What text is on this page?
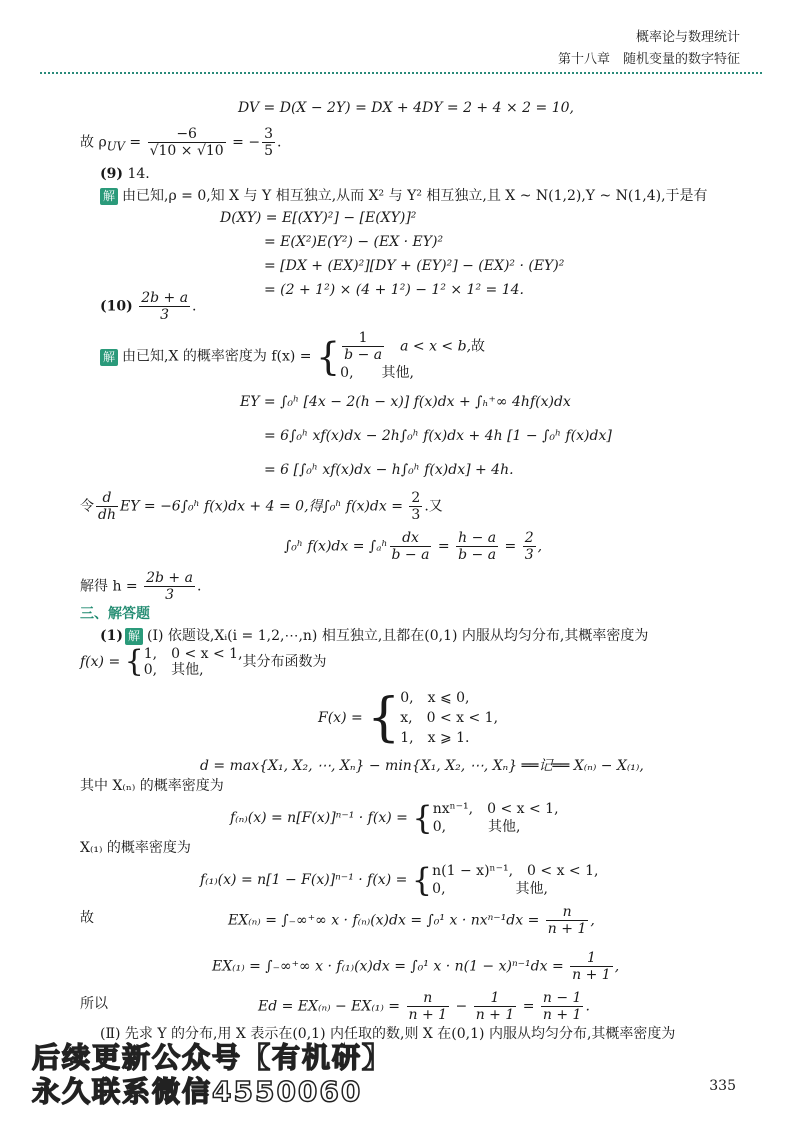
概率论与数理统计
第十八章　随机变量的数字特征
DV = D(X − 2Y) = DX + 4DY = 2 + 4 × 2 = 10,
故 $\rho_{UV} = \frac{-6}{√10 \times √10}$ = − $\frac{3}{5}$ .
(9) 14.
解 由已知,ρ = 0,知 X 与 Y 相互独立,从而 X² 与 Y² 相互独立,且 X ~ N(1,2),Y ~ N(1,4),于是有
D(XY) = E[(XY)²] − [E(XY)]²
= E(X²)E(Y²) − (EX · EY)²
= [DX + (EX)²][DY + (EY)²] − (EX)² · (EY)²
= (2 + 1²) × (4 + 1²) − 1² × 1² = 14.
$(10) \frac{2b + a}{3}$ .
解 由已知,X 的概率密度为 f(x) = { $\frac{1}{b - a}$
　 a < x < b,故
0,　　其他,
EY = ∫₀ʰ [4x − 2(h − x)] f(x)dx + ∫ₕ⁺∞ 4hf(x)dx
= 6∫₀ʰ xf(x)dx − 2h∫₀ʰ f(x)dx + 4h [1 − ∫₀ʰ f(x)dx]
= 6 [∫₀ʰ xf(x)dx − h∫₀ʰ f(x)dx] + 4h.
令 $\frac{d}{dh}$ EY = −6∫₀ʰ f(x)dx + 4 = 0,得∫₀ʰ $f(x)dx = \frac{2}{3}$ .又
∫₀ʰ f(x)dx = ∫ₐʰ $\frac{dx}{b - a} = \frac{h - a}{b - a} = \frac{2}{3}$ ,
解得 $h = \frac{2b + a}{3}$ .
三、解答题
(1) 解 (Ⅰ) 依题设,Xᵢ(i = 1,2,⋯,n) 相互独立,且都在(0,1) 内服从均匀分布,其概率密度为
f(x) = { 1,　0 < x < 1,
0,　其他,	其分布函数为
F(x) = { 0,　x ⩽ 0,
x,　0 < x < 1,
1,　x ⩾ 1.
d = max{X₁, X₂, ⋯, Xₙ} − min{X₁, X₂, ⋯, Xₙ} ══记══ X₍ₙ₎ − X₍₁₎,
其中 X₍ₙ₎ 的概率密度为
f₍ₙ₎(x) = n[F(x)]ⁿ⁻¹ · f(x) = { nxⁿ⁻¹,　0 < x < 1,
0,　　　其他,
X₍₁₎ 的概率密度为
f₍₁₎(x) = n[1 − F(x)]ⁿ⁻¹ · f(x) = { n(1 − x)ⁿ⁻¹,　0 < x < 1,
0,　　　　　其他,
故	EX₍ₙ₎ = ∫₋∞⁺∞ x · f₍ₙ₎(x)dx = ∫₀¹ $x \cdot nx^{n-1}dx = \frac{n}{n + 1}$ ,
EX₍₁₎ = ∫₋∞⁺∞ x · f₍₁₎(x)dx = ∫₀¹ $x \cdot n(1 - x)^{n-1}dx = \frac{1}{n + 1}$ ,
所以	$Ed = EX_{(n)} - EX_{(1)} = \frac{n}{n + 1} - \frac{1}{n + 1} = \frac{n - 1}{n + 1}$ .
(Ⅱ) 先求 Y 的分布,用 X 表示在(0,1) 内任取的数,则 X 在(0,1) 内服从均匀分布,其概率密度为
后续更新公众号【有机研】
永久联系微信4550060	335
